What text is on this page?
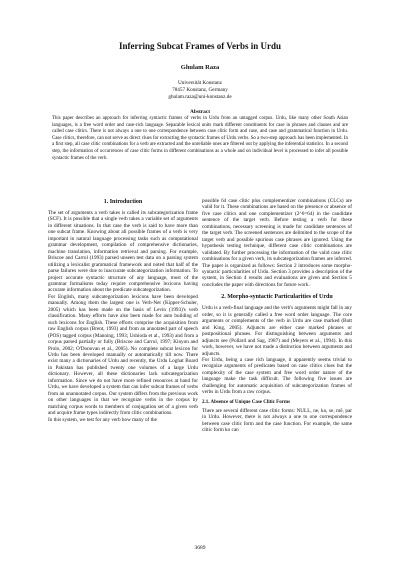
Inferring Subcat Frames of Verbs in Urdu
Ghulam Raza
Universität Konstanz
78457 Konstanz, Germany
ghulam.raza@uni-konstanz.de
Abstract

This paper describes an approach for inferring syntactic frames of verbs in Urdu from an untagged corpus. Urdu, like many other South Asian languages, is a free word order and case-rich language. Separable lexical units mark different constituents for case in phrases and clauses and are called case clitics. There is not always a one to one correspondence between case clitic form and case, and case and grammatical function in Urdu. Case clitics, therefore, can not serve as direct clues for extracting the syntactic frames of Urdu verbs. So a two-step approach has been implemented. In a first step, all case clitic combinations for a verb are extracted and the unreliable ones are filtered out by applying the inferential statistics. In a second step, the information of occurrences of case clitic forms in different combinations as a whole and on individual level is processed to infer all possible syntactic frames of the verb.

1. Introduction

The set of arguments a verb takes is called its subcategorization frame (SCF). It is possible that a single verb takes a variable set of arguments in different situations. In that case the verb is said to have more than one subcat frame. Knowing about all possible frames of a verb is very important in natural language processing tasks such as computational grammar development, compilation of comprehensive dictionaries, machine translation, information retrieval and parsing. For example, Briscoe and Carrol (1993) parsed unseen test data on a parsing system utilizing a lexicalist grammatical framework and noted that half of the parse failures were due to inaccurate subcategorization information. To project accurate syntactic structure of any language, most of the grammar formalisms today require comprehensive lexicons having accurate information about the predicate subcategorization.

For English, many subcategorization lexicons have been developed manually. Among them the largest one is Verb-Net (Kipper-Schuler, 2005) which has been made on the basis of Levin (1993)'s verb classification. Many efforts have also been made for auto building of such lexicons for English. These efforts comprise the acquisition from raw English corpus (Brent, 1993) and from an annotated part of speech (POS) tagged corpus (Manning, 1993; Ushioda et al., 1993) and from a corpus parsed partially or fully (Briscoe and Carrol, 1997; Kinyon and Prolo, 2002; O'Donovan et al., 2005). No complete subcat lexicon for Urdu has been developed manually or automatically till now. There exist many a dictionaries of Urdu and recently, the Urdu Loghat Board in Pakistan has published twenty one volumes of a large Urdu dictionary. However, all these dictionaries lack subcategorization information. Since we do not have more refined resources at hand for Urdu, we have developed a system that can infer subcat frames of verbs from an unannotated corpus. Our system differs from the previous work on other languages in that we recognize verbs in the corpus by matching corpus words to members of conjugation set of a given verb and acquire frame types indirectly from clitic combinations.

In this system, we test for any verb how many of the

possible 64 case clitic plus complementizer combinations (CLCs) are valid for it. These combinations are based on the presence or absence of five case clitics and one complementizer (2^6=64) in the candidate sentence of the target verb. Before testing a verb for these combinations, necessary screening is made for candidate sentences of the target verb. The screened sentences are delimited to the scope of the target verb and possible spurious case phrases are ignored. Using the hypothesis testing technique, different case clitic combinations are validated. By further processing the information of the valid case clitic combinations for a given verb, its subcategorization frames are inferred. The paper is organized as follows: Section 2 introduces some morpho-syntactic particularities of Urdu. Section 3 provides a description of the system, in Section 4 results and evaluations are given and Section 5 concludes the paper with directions for future work.

2. Morpho-syntactic Particularities of Urdu

Urdu is a verb-final language and the verb's arguments might fall in any order, so it is generally called a free word order language. The core arguments or complements of the verb in Urdu are case marked (Butt and King, 2005). Adjuncts are either case marked phrases or postpositional phrases. For distinguishing between arguments and adjuncts see (Pollard and Sag, 1987) and (Meyers et al., 1994). In this work, however, we have not made a distinction between arguments and adjuncts.

For Urdu, being a case rich language, it apparently seems trivial to recognize arguments of predicates based on case clitics clues but the complexity of the case system and free word order nature of the language make the task difficult. The following five issues are challenging for automatic acquisition of subcategorization frames of verbs in Urdu from a raw corpus.

2.1. Absence of Unique Case Clitic Forms

There are several different case clitic forms: NULL, ne, ko, se, mẽ, par in Urdu. However, there is not always a one to one correspondence between case clitic form and the case function. For example, the same clitic form ko can

3689
